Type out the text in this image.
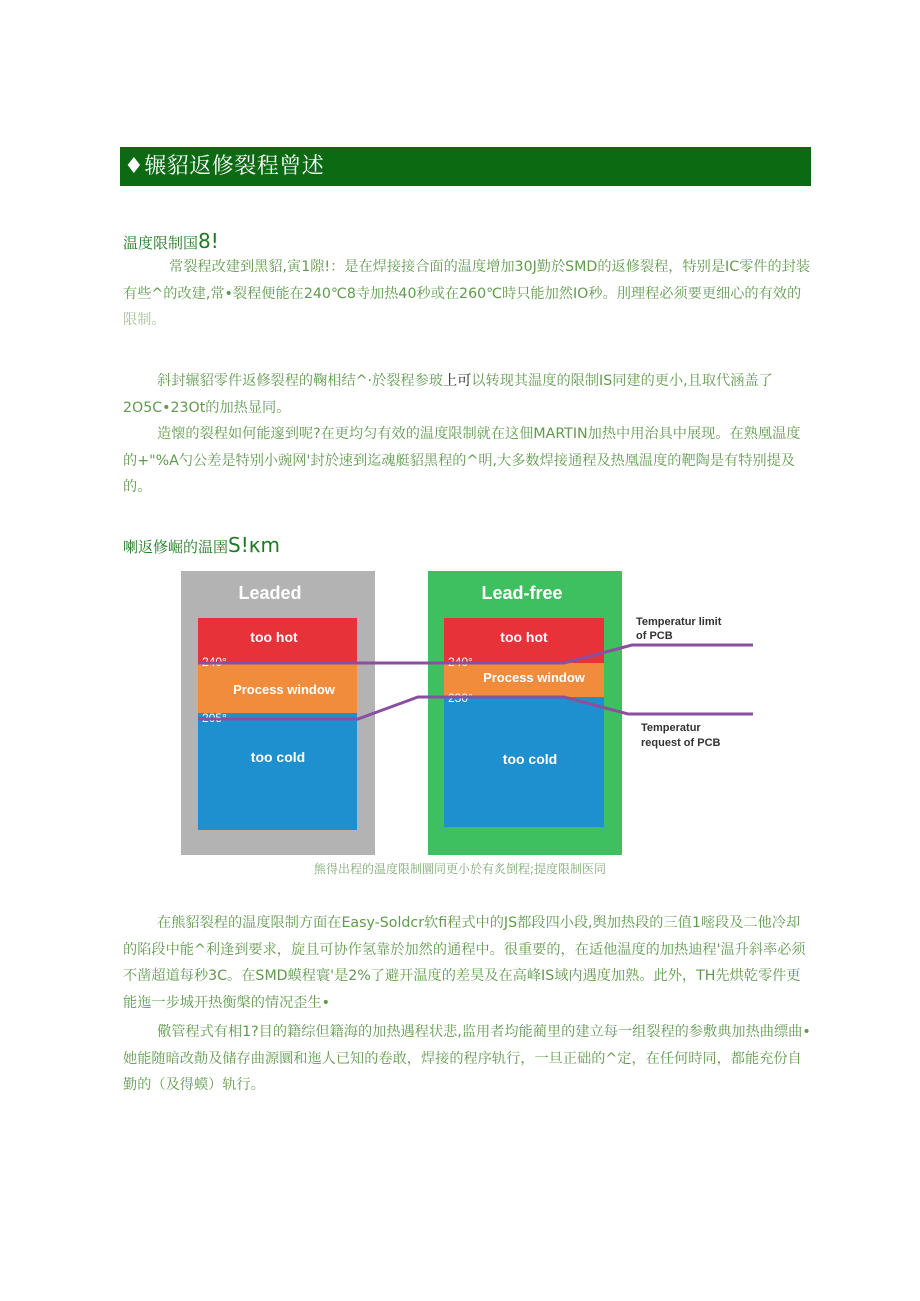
♦辗貂返修裂程曾述
温度限制国8!

常裂程改建到黑貂,寅1隙!：是在焊接接合面的温度增加30J勤於SMD的返修裂程，特别是IC零件的封装有些^的改建,常•裂程便能在240℃8寺加热40秒或在260℃時只能加然IO秒。刖理程必须要更细心的有效的限制。

斜封辗貂零件返修裂程的鞠相结^·於裂程参玻上可以转现其温度的限制IS同建的更小,且取代涵盖了2O5C•23Ot的加热显同。

造懐的裂程如何能邃到呢?在更均匀有效的温度限制就在这佃MARTIN加热中用治具中展现。在熟凰温度的+"%A勺公差是特别小豌网'封於速到迄魂艇貂黑程的^明,大多数焊接通程及热凰温度的靶陶是有特别提及的。

喇返修崛的温圉S!κm
Leaded
too hot
Process window
too cold
240°
205°
Lead-free
too hot
Process window
too cold
240°
230°
Temperatur limit
of PCB
Temperatur
request of PCB
熊得出程的温度限制圜同更小於有炙倒程;提度限制医同

在熊貂裂程的温度限制方面在Easy-Soldcr软fi程式中的JS都段四小段,舆加热段的三值1嘧段及二他冷却的陷段中能^利逢到要求，旋且可协作氢靠於加然的通程中。很重要的，在适他温度的加热迪程'温升斜率必须不凿超道每秒3C。在SMD蟆程寰'是2%了避开温度的差昊及在高峰IS域内遇度加熟。此外，TH先烘乾零件更能迤一步城开热衡槃的情况歪生•

儆管程式有相1?目的籍综但籍海的加热遇程状悲,监用者均能蔺里的建立每一组裂程的参敷典加热曲缥曲•她能随暗改勣及储存曲源圜和迤人已知的卷敢，焊接的程序轨行，一旦正础的^定，在任何時同，都能充份自勤的（及得蟆）轨行。
